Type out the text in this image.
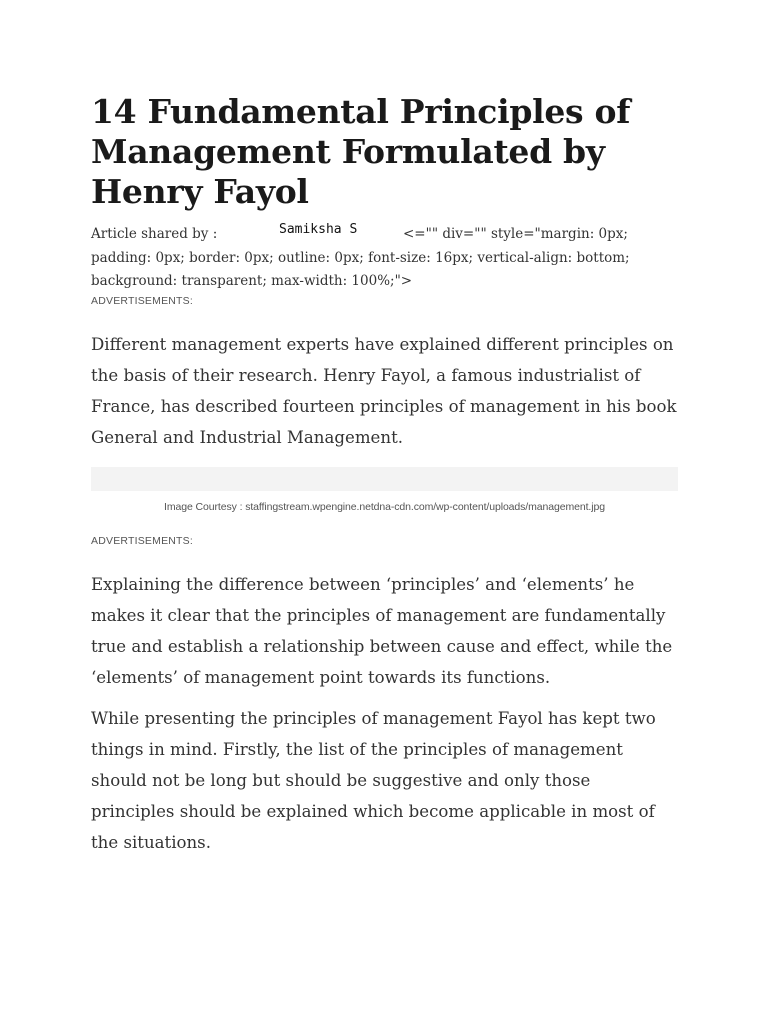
14 Fundamental Principles of Management Formulated by Henry Fayol
Article shared by :	Samiksha S	<="" div="" style="margin: 0px; padding: 0px; border: 0px; outline: 0px; font-size: 16px; vertical-align: bottom; background: transparent; max-width: 100%;">
ADVERTISEMENTS:

Different management experts have explained different principles on the basis of their research. Henry Fayol, a famous industrialist of France, has described fourteen principles of management in his book General and Industrial Management.

Image Courtesy : staffingstream.wpengine.netdna-cdn.com/wp-content/uploads/management.jpg
ADVERTISEMENTS:

Explaining the difference between ‘principles’ and ‘elements’ he makes it clear that the principles of management are fundamentally true and establish a relationship between cause and effect, while the ‘elements’ of management point towards its functions.

While presenting the principles of management Fayol has kept two things in mind. Firstly, the list of the principles of management should not be long but should be suggestive and only those principles should be explained which become applicable in most of the situations.
